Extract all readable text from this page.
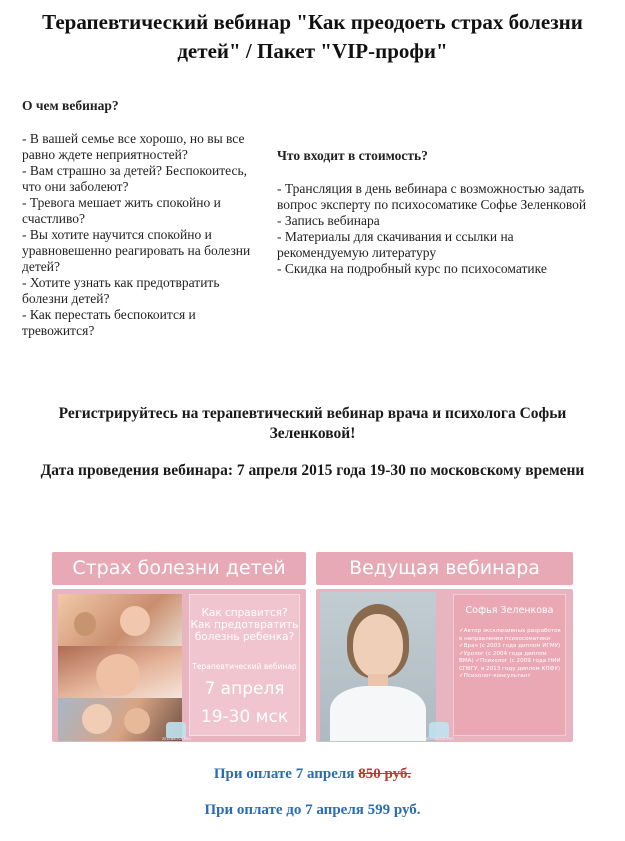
Терапевтический вебинар "Как преодоеть страх болезни детей" / Пакет "VIP-профи"
О чем вебинар?
- В вашей семье все хорошо, но вы все равно ждете неприятностей?
- Вам страшно за детей? Беспокоитесь, что они заболеют?
- Тревога мешает жить спокойно и счастливо?
- Вы хотите научится спокойно и уравновешенно реагировать на болезни детей?
- Хотите узнать как предотвратить болезни детей?
- Как перестать беспокоится и тревожится?
Что входит в стоимость?
- Трансляция в день вебинара с возможностью задать вопрос эксперту по психосоматике Софье Зеленковой
- Запись вебинара
- Материалы для скачивания и ссылки на рекомендуемую литературу
- Скидка на подробный курс по психосоматике
Регистрируйтесь на терапевтический вебинар врача и психолога Софьи Зеленковой!
Дата проведения вебинара: 7 апреля 2015 года 19-30 по московскому времени
Страх болезни детей
Как справится? Как предотвратить болезнь ребенка?
Терапевтический вебинар
7 апреля
19-30 мск
ZELENKOVA.PRO
Ведущая вебинара
Софья Зеленкова
✓Автор эксклюзивных разработок в направлении психосоматики ✓Врач (с 2003 года диплом ИГМУ) ✓Уролог (с 2004 года диплом ВМА) ✓Психолог (с 2009 года НИИ СПбГУ, в 2013 году диплом КПФУ) ✓Психолог-консультант
ZELENKOVA.PRO
При оплате 7 апреля 850 руб.
При оплате до 7 апреля 599 руб.
